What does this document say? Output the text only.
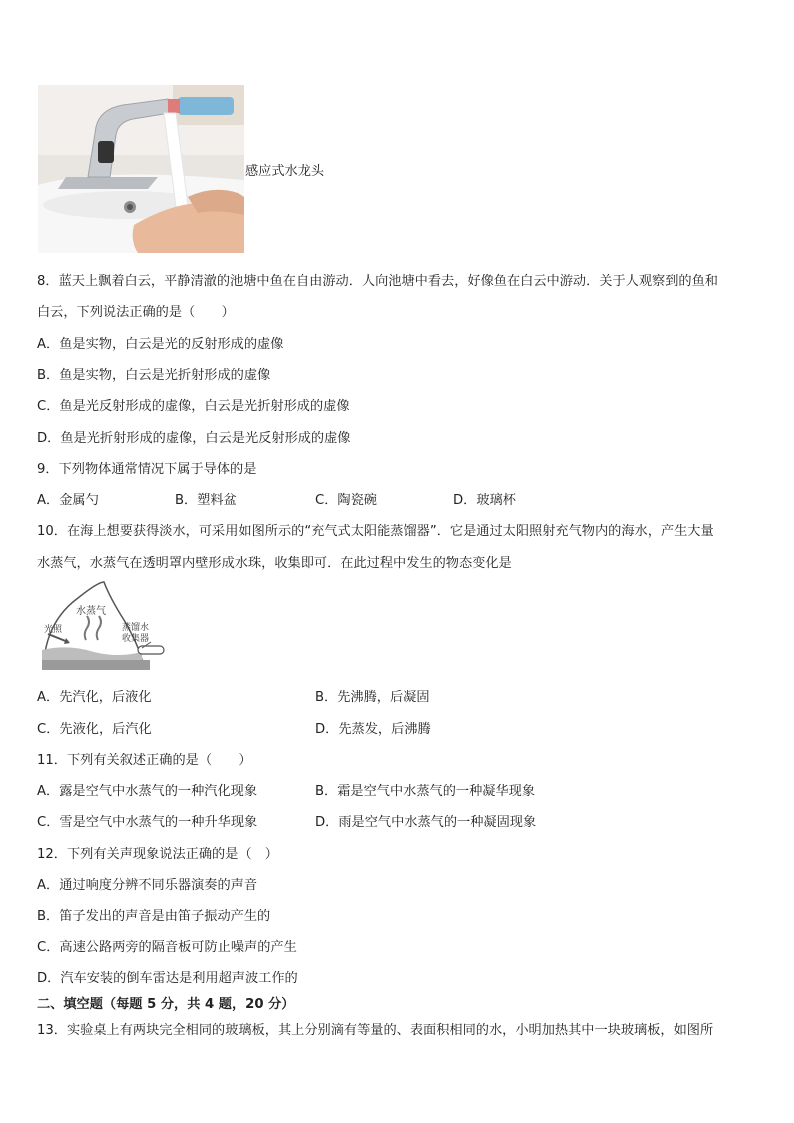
感应式水龙头
8．蓝天上飘着白云，平静清澈的池塘中鱼在自由游动．人向池塘中看去，好像鱼在白云中游动．关于人观察到的鱼和
白云，下列说法正确的是（　　）
A．鱼是实物，白云是光的反射形成的虚像
B．鱼是实物，白云是光折射形成的虚像
C．鱼是光反射形成的虚像，白云是光折射形成的虚像
D．鱼是光折射形成的虚像，白云是光反射形成的虚像
9．下列物体通常情况下属于导体的是
A．金属勺	B．塑料盆	C．陶瓷碗	D．玻璃杯
10．在海上想要获得淡水，可采用如图所示的“充气式太阳能蒸馏器”．它是通过太阳照射充气物内的海水，产生大量
水蒸气，水蒸气在透明罩内壁形成水珠，收集即可．在此过程中发生的物态变化是
水蒸气
光照	蒸馏水
收集器
A．先汽化，后液化	B．先沸腾，后凝固
C．先液化，后汽化	D．先蒸发，后沸腾
11．下列有关叙述正确的是（　　）
A．露是空气中水蒸气的一种汽化现象	B．霜是空气中水蒸气的一种凝华现象
C．雪是空气中水蒸气的一种升华现象	D．雨是空气中水蒸气的一种凝固现象
12．下列有关声现象说法正确的是（　）
A．通过响度分辨不同乐器演奏的声音
B．笛子发出的声音是由笛子振动产生的
C．高速公路两旁的隔音板可防止噪声的产生
D．汽车安装的倒车雷达是利用超声波工作的
二、填空题（每题 5 分，共 4 题，20 分）
13．实验桌上有两块完全相同的玻璃板，其上分别滴有等量的、表面积相同的水，小明加热其中一块玻璃板，如图所
